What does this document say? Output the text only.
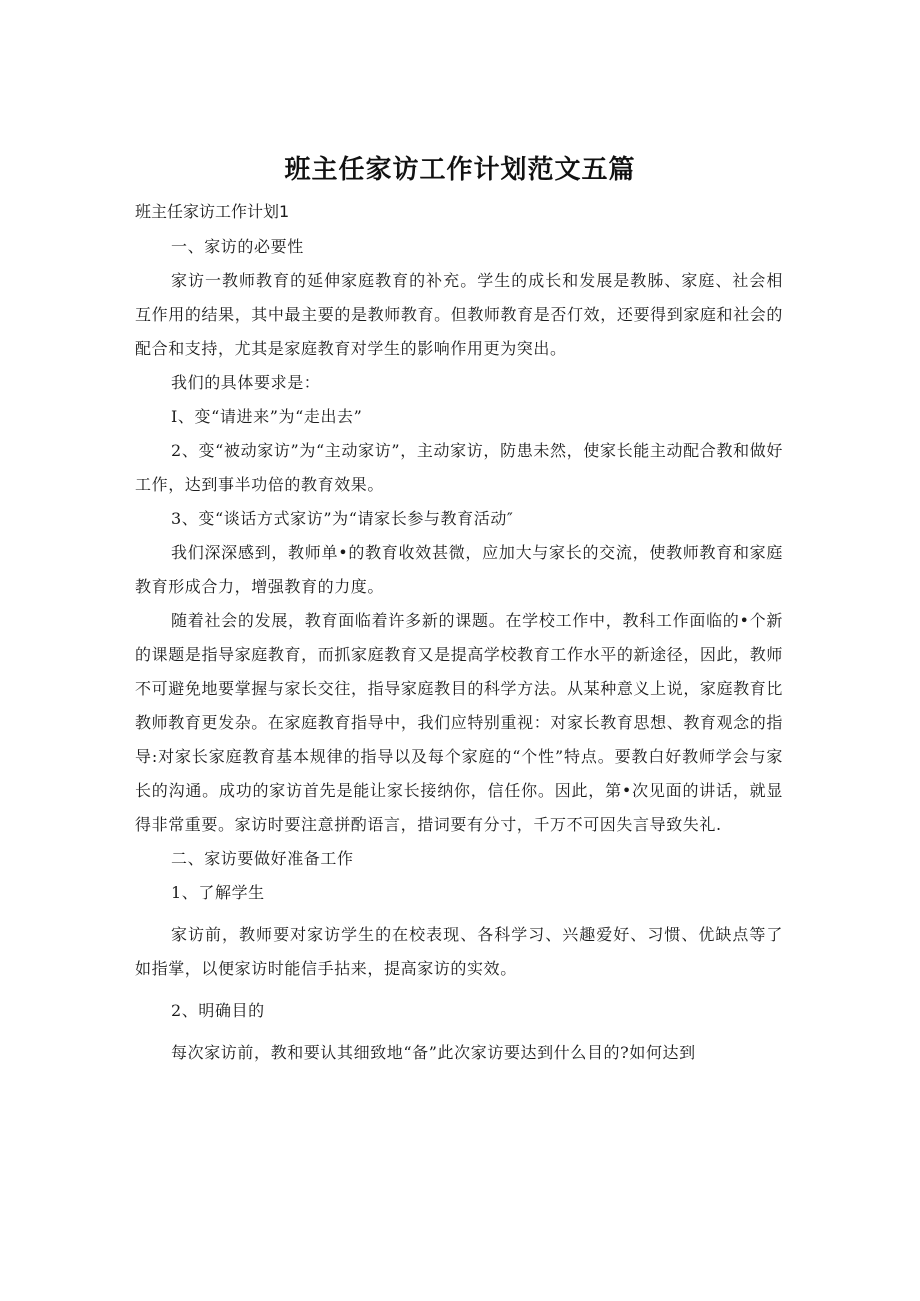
班主任家访工作计划范文五篇

班主任家访工作计划1

一、家访的必要性

家访一教师教育的延伸家庭教育的补充。学生的成长和发展是教胏、家庭、社会相互作用的结果，其中最主要的是教师教育。但教师教育是否仃效，还要得到家庭和社会的配合和支持，尤其是家庭教育对学生的影响作用更为突出。

我们的具体要求是：

I、变“请进来”为“走出去”

2、变“被动家访”为“主动家访”，主动家访，防患未然，使家长能主动配合教和做好工作，达到事半功倍的教育效果。

3、变“谈话方式家访”为“请家长参与教育活动″

我们深深感到，教师单•的教育收效甚微，应加大与家长的交流，使教师教育和家庭教育形成合力，增强教育的力度。

随着社会的发展，教育面临着许多新的课题。在学校工作中，教科工作面临的•个新的课题是指导家庭教育，而抓家庭教育又是提高学校教育工作水平的新途径，因此，教师不可避免地要掌握与家长交往，指导家庭教目的科学方法。从某种意义上说，家庭教育比教师教育更发杂。在家庭教育指导中，我们应特别重视：对家长教育思想、教育观念的指导:对家长家庭教育基本规律的指导以及每个家庭的“个性”特点。要教白好教师学会与家长的沟通。成功的家访首先是能让家长接纳你，信任你。因此，第•次见面的讲话，就显得非常重要。家访时要注意拼酌语言，措词要有分寸，千万不可因失言导致失礼.

二、家访要做好准备工作

1、了解学生

家访前，教师要对家访学生的在校表现、各科学习、兴趣爱好、习惯、优缺点等了如指掌，以便家访时能信手拈来，提高家访的实效。

2、明确目的

每次家访前，教和要认其细致地“备”此次家访要达到什么目的?如何达到
